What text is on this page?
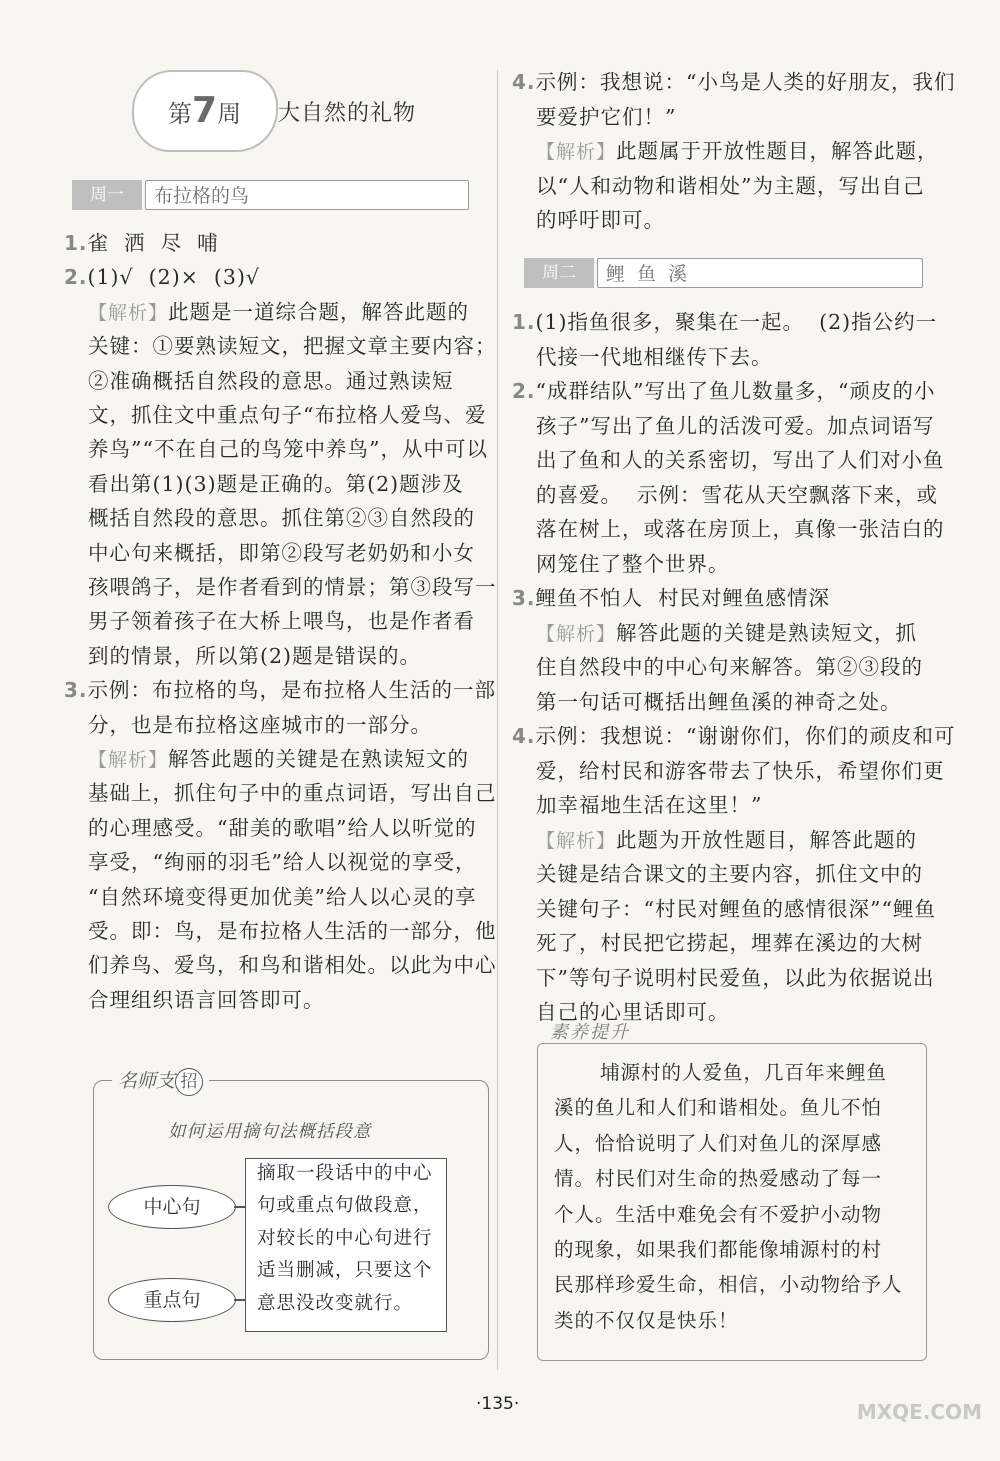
第7周 大自然的礼物
周一	布拉格的鸟
1.雀  洒  尽  哺
2.(1)√  (2)×  (3)√
【解析】此题是一道综合题，解答此题的
关键：①要熟读短文，把握文章主要内容；
②准确概括自然段的意思。通过熟读短
文，抓住文中重点句子“布拉格人爱鸟、爱
养鸟”“不在自己的鸟笼中养鸟”，从中可以
看出第(1)(3)题是正确的。第(2)题涉及
概括自然段的意思。抓住第②③自然段的
中心句来概括，即第②段写老奶奶和小女
孩喂鸽子，是作者看到的情景；第③段写一
男子领着孩子在大桥上喂鸟，也是作者看
到的情景，所以第(2)题是错误的。
3.示例：布拉格的鸟，是布拉格人生活的一部
分，也是布拉格这座城市的一部分。
【解析】解答此题的关键是在熟读短文的
基础上，抓住句子中的重点词语，写出自己
的心理感受。“甜美的歌唱”给人以听觉的
享受，“绚丽的羽毛”给人以视觉的享受，
“自然环境变得更加优美”给人以心灵的享
受。即：鸟，是布拉格人生活的一部分，他
们养鸟、爱鸟，和鸟和谐相处。以此为中心
合理组织语言回答即可。
名师支 招
如何运用摘句法概括段意
中心句
重点句
摘取一段话中的中心
句或重点句做段意，
对较长的中心句进行
适当删减，只要这个
意思没改变就行。
4.示例：我想说：“小鸟是人类的好朋友，我们
要爱护它们！”
【解析】此题属于开放性题目，解答此题，
以“人和动物和谐相处”为主题，写出自己
的呼吁即可。
周二	鲤 鱼 溪
1.(1)指鱼很多，聚集在一起。  (2)指公约一
代接一代地相继传下去。
2.“成群结队”写出了鱼儿数量多，“顽皮的小
孩子”写出了鱼儿的活泼可爱。加点词语写
出了鱼和人的关系密切，写出了人们对小鱼
的喜爱。  示例：雪花从天空飘落下来，或
落在树上，或落在房顶上，真像一张洁白的
网笼住了整个世界。
3.鲤鱼不怕人  村民对鲤鱼感情深
【解析】解答此题的关键是熟读短文，抓
住自然段中的中心句来解答。第②③段的
第一句话可概括出鲤鱼溪的神奇之处。
4.示例：我想说：“谢谢你们，你们的顽皮和可
爱，给村民和游客带去了快乐，希望你们更
加幸福地生活在这里！”
【解析】此题为开放性题目，解答此题的
关键是结合课文的主要内容，抓住文中的
关键句子：“村民对鲤鱼的感情很深”“鲤鱼
死了，村民把它捞起，埋葬在溪边的大树
下”等句子说明村民爱鱼，以此为依据说出
自己的心里话即可。
素养提升
埔源村的人爱鱼，几百年来鲤鱼
溪的鱼儿和人们和谐相处。鱼儿不怕
人，恰恰说明了人们对鱼儿的深厚感
情。村民们对生命的热爱感动了每一
个人。生活中难免会有不爱护小动物
的现象，如果我们都能像埔源村的村
民那样珍爱生命，相信，小动物给予人
类的不仅仅是快乐！
·135·	MXQE.COM
